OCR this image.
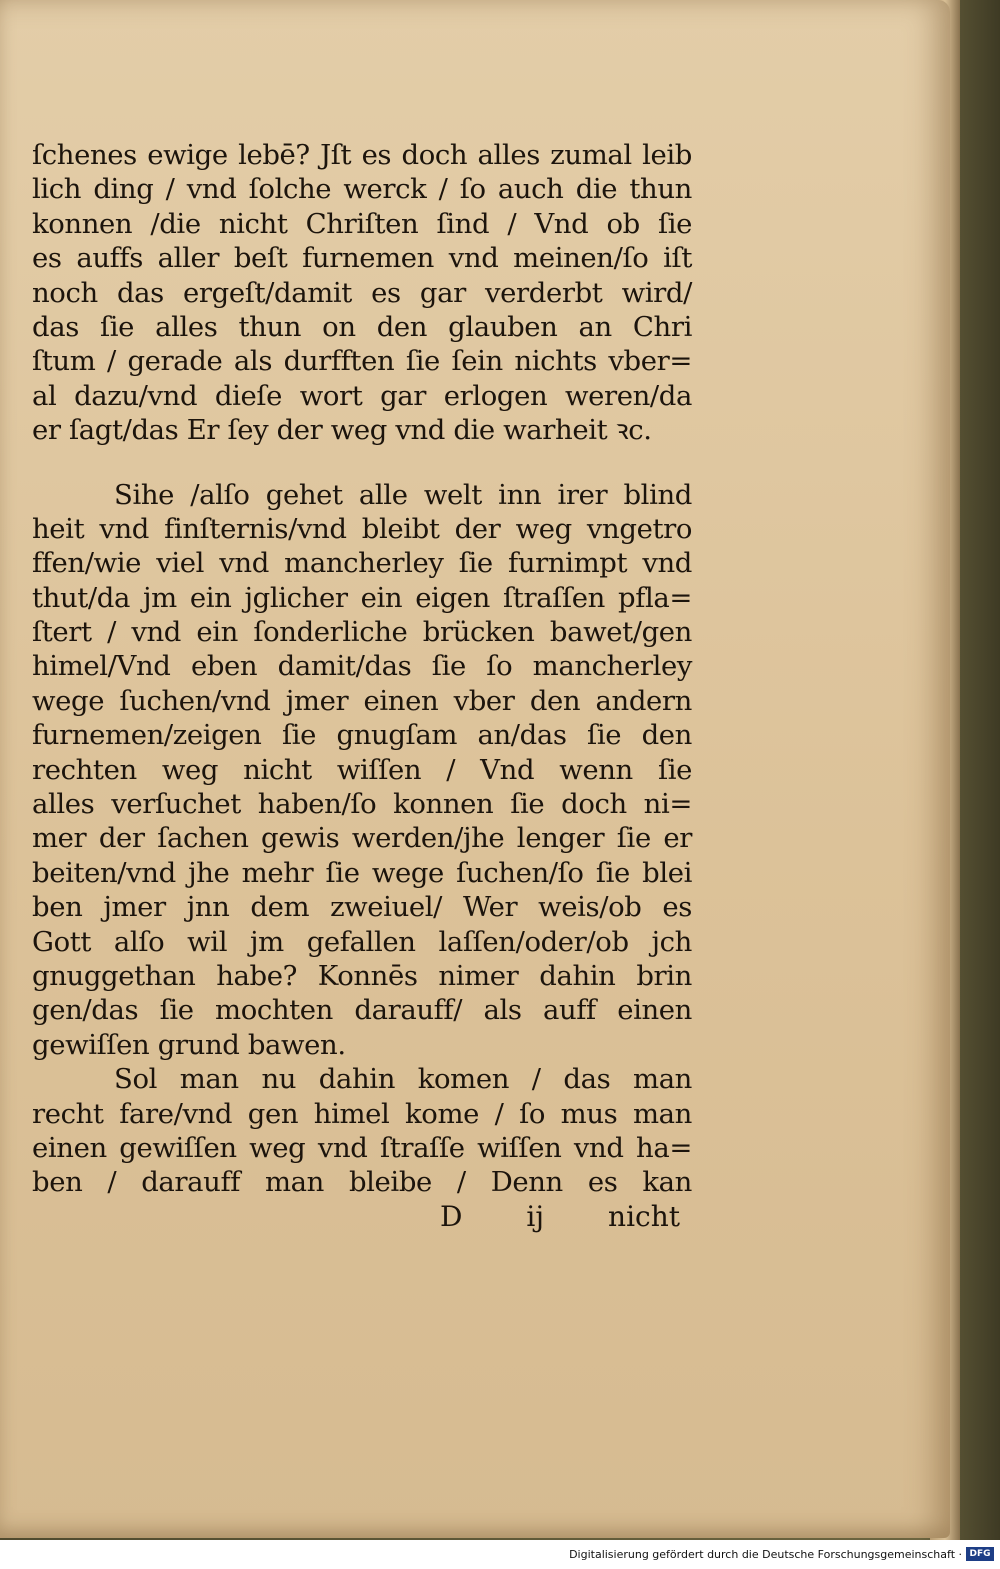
ſchenes ewige lebē? Jſt es doch alles zumal leib
lich ding / vnd ſolche werck / ſo auch die thun
konnen /die nicht Chriſten ſind / Vnd ob ſie
es auffs aller beſt furnemen vnd meinen/ſo iſt
noch das ergeſt/damit es gar verderbt wird/
das ſie alles thun on den glauben an Chri
ſtum / gerade als durfften ſie ſein nichts vber=
al dazu/vnd dieſe wort gar erlogen weren/da
er ſagt/das Er ſey der weg vnd die warheit ꝛc.
Sihe /alſo gehet alle welt inn irer blind
heit vnd finſternis/vnd bleibt der weg vngetro
ffen/wie viel vnd mancherley ſie furnimpt vnd
thut/da jm ein jglicher ein eigen ſtraſſen pfla=
ſtert / vnd ein ſonderliche brücken bawet/gen
himel/Vnd eben damit/das ſie ſo mancherley
wege ſuchen/vnd jmer einen vber den andern
furnemen/zeigen ſie gnugſam an/das ſie den
rechten weg nicht wiſſen / Vnd wenn ſie
alles verſuchet haben/ſo konnen ſie doch ni=
mer der ſachen gewis werden/jhe lenger ſie er
beiten/vnd jhe mehr ſie wege ſuchen/ſo ſie blei
ben jmer jnn dem zweiuel/ Wer weis/ob es
Gott alſo wil jm gefallen laſſen/oder/ob jch
gnuggethan habe? Konnēs nimer dahin brin
gen/das ſie mochten darauff/ als auff einen
gewiſſen grund bawen.
Sol man nu dahin komen / das man
recht fare/vnd gen himel kome / ſo mus man
einen gewiſſen weg vnd ſtraſſe wiſſen vnd ha=
ben / darauff man bleibe / Denn es kan
D ij nicht
Digitalisierung gefördert durch die Deutsche Forschungsgemeinschaft · DFG
